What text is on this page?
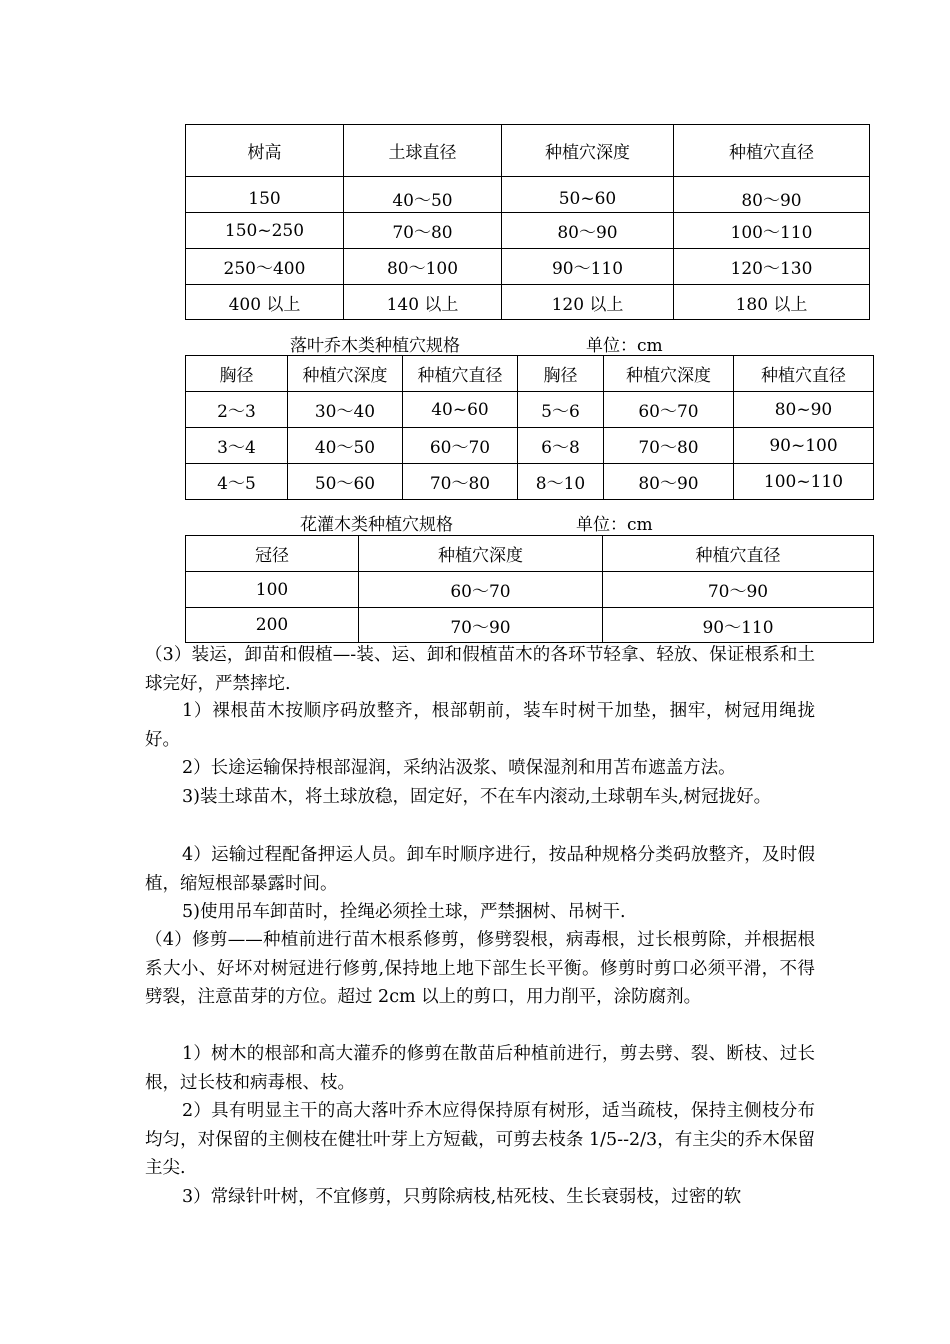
树高	土球直径	种植穴深度	种植穴直径
150	40～50	50~60	80～90
150~250	70～80	80～90	100～110
250～400	80～100	90～110	120～130
400 以上	140 以上	120 以上	180 以上
落叶乔木类种植穴规格	单位：cm
胸径	种植穴深度	种植穴直径	胸径	种植穴深度	种植穴直径
2～3	30～40	40~60	5～6	60～70	80~90
3～4	40～50	60～70	6～8	70～80	90~100
4～5	50～60	70～80	8～10	80～90	100~110
花灌木类种植穴规格	单位：cm
冠径	种植穴深度	种植穴直径
100	60～70	70～90
200	70～90	90～110
（3）装运，卸苗和假植—-装、运、卸和假植苗木的各环节轻拿、轻放、保证根系和土球完好，严禁摔坨.
1）裸根苗木按顺序码放整齐，根部朝前，装车时树干加垫，捆牢，树冠用绳拢好。
2）长途运输保持根部湿润，采纳沾汲浆、喷保湿剂和用苫布遮盖方法。
3)装土球苗木，将土球放稳，固定好，不在车内滚动,土球朝车头,树冠拢好。
4）运输过程配备押运人员。卸车时顺序进行，按品种规格分类码放整齐，及时假植，缩短根部暴露时间。
5)使用吊车卸苗时，拴绳必须拴土球，严禁捆树、吊树干.
（4）修剪——种植前进行苗木根系修剪，修劈裂根，病毒根，过长根剪除，并根据根系大小、好坏对树冠进行修剪,保持地上地下部生长平衡。修剪时剪口必须平滑，不得劈裂，注意苗芽的方位。超过 2cm 以上的剪口，用力削平，涂防腐剂。
1）树木的根部和高大灌乔的修剪在散苗后种植前进行，剪去劈、裂、断枝、过长根，过长枝和病毒根、枝。
2）具有明显主干的高大落叶乔木应得保持原有树形，适当疏枝，保持主侧枝分布均匀，对保留的主侧枝在健壮叶芽上方短截，可剪去枝条 1/5--2/3，有主尖的乔木保留主尖.
3）常绿针叶树，不宜修剪，只剪除病枝,枯死枝、生长衰弱枝，过密的软
